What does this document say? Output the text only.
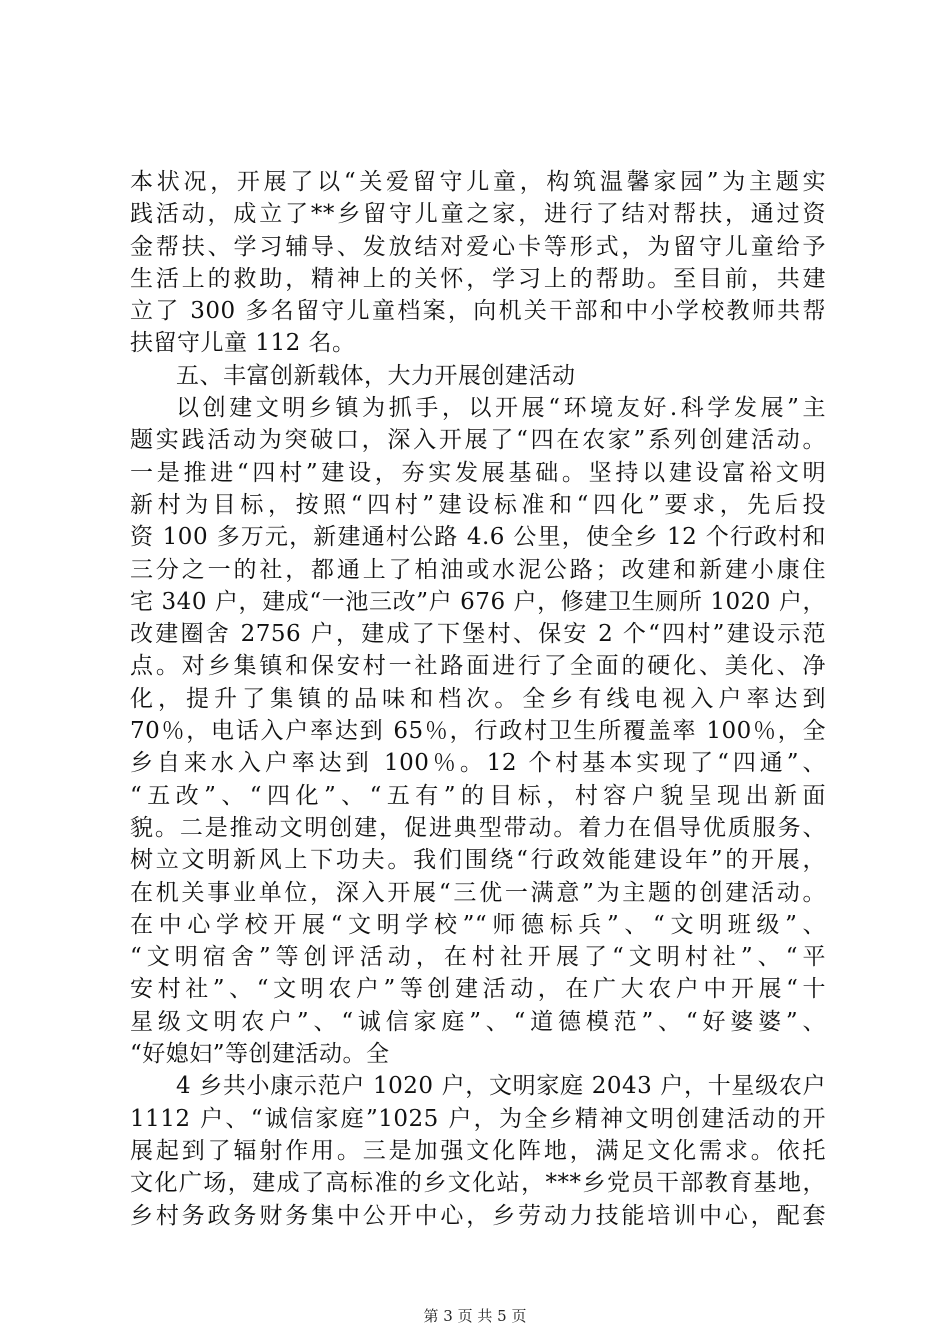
本状况，开展了以“关爱留守儿童，构筑温馨家园”为主题实
践活动，成立了**乡留守儿童之家，进行了结对帮扶，通过资
金帮扶、学习辅导、发放结对爱心卡等形式，为留守儿童给予
生活上的救助，精神上的关怀，学习上的帮助。至目前，共建
立了 300 多名留守儿童档案，向机关干部和中小学校教师共帮
扶留守儿童 112 名。
五、丰富创新载体，大力开展创建活动
以创建文明乡镇为抓手，以开展“环境友好.科学发展”主
题实践活动为突破口，深入开展了“四在农家”系列创建活动。
一是推进“四村”建设，夯实发展基础。坚持以建设富裕文明
新村为目标，按照“四村”建设标准和“四化”要求，先后投
资 100 多万元，新建通村公路 4.6 公里，使全乡 12 个行政村和
三分之一的社，都通上了柏油或水泥公路；改建和新建小康住
宅 340 户，建成“一池三改”户 676 户，修建卫生厕所 1020 户，
改建圈舍 2756 户，建成了下堡村、保安 2 个“四村”建设示范
点。对乡集镇和保安村一社路面进行了全面的硬化、美化、净
化，提升了集镇的品味和档次。全乡有线电视入户率达到
70％，电话入户率达到 65％，行政村卫生所覆盖率 100％，全
乡自来水入户率达到 100％。12 个村基本实现了“四通”、
“五改”、“四化”、“五有”的目标，村容户貌呈现出新面
貌。二是推动文明创建，促进典型带动。着力在倡导优质服务、
树立文明新风上下功夫。我们围绕“行政效能建设年”的开展，
在机关事业单位，深入开展“三优一满意”为主题的创建活动。
在中心学校开展“文明学校”“师德标兵”、“文明班级”、
“文明宿舍”等创评活动，在村社开展了“文明村社”、“平
安村社”、“文明农户”等创建活动，在广大农户中开展“十
星级文明农户”、“诚信家庭”、“道德模范”、“好婆婆”、
“好媳妇”等创建活动。全
4 乡共小康示范户 1020 户，文明家庭 2043 户，十星级农户
1112 户、“诚信家庭”1025 户，为全乡精神文明创建活动的开
展起到了辐射作用。三是加强文化阵地，满足文化需求。依托
文化广场，建成了高标准的乡文化站，***乡党员干部教育基地，
乡村务政务财务集中公开中心，乡劳动力技能培训中心，配套
第 3 页 共 5 页
